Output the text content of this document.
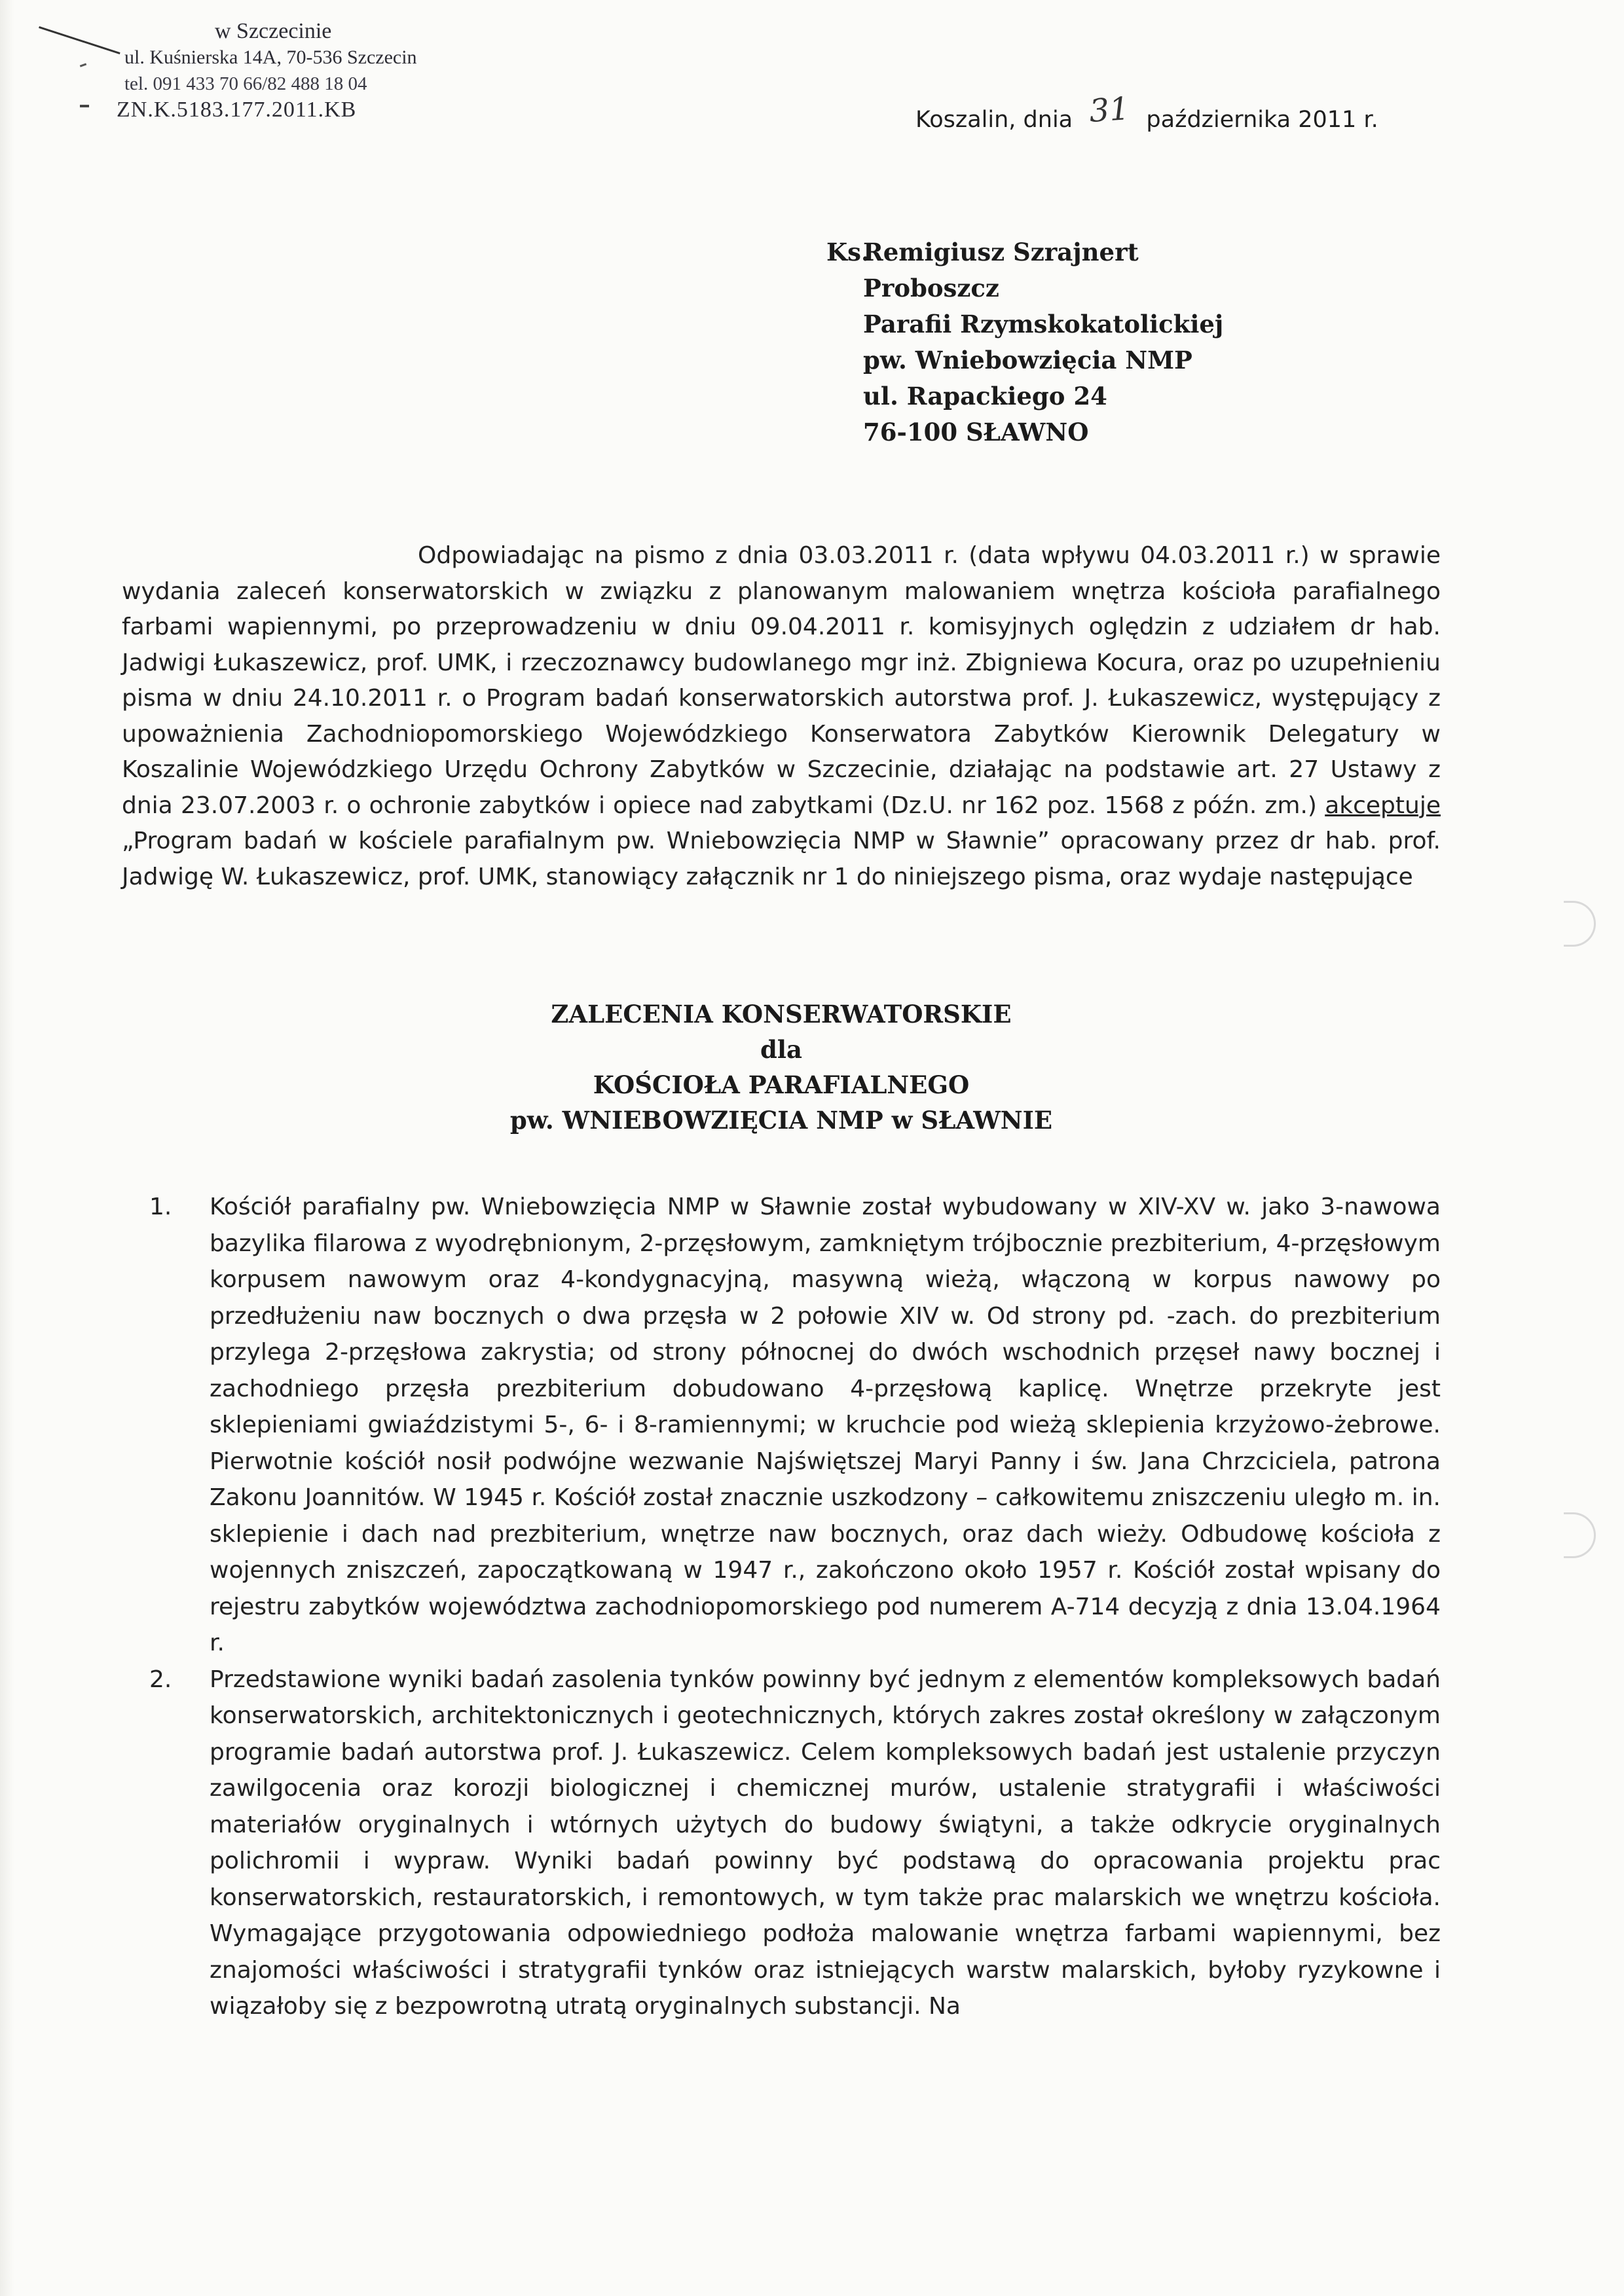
w Szczecinie
ul. Kuśnierska 14A, 70-536 Szczecin
tel. 091 433 70 66/82 488 18 04
ZN.K.5183.177.2011.KB	Koszalin, dnia 31 października 2011 r.
Ks.
Remigiusz Szrajnert
Proboszcz
Parafii Rzymskokatolickiej
pw. Wniebowzięcia NMP
ul. Rapackiego 24
76-100 SŁAWNO
Odpowiadając na pismo z dnia 03.03.2011 r. (data wpływu 04.03.2011 r.) w sprawie wydania zaleceń konserwatorskich w związku z planowanym malowaniem wnętrza kościoła parafialnego farbami wapiennymi, po przeprowadzeniu w dniu 09.04.2011 r. komisyjnych oględzin z udziałem dr hab. Jadwigi Łukaszewicz, prof. UMK, i rzeczoznawcy budowlanego mgr inż. Zbigniewa Kocura, oraz po uzupełnieniu pisma w dniu 24.10.2011 r. o Program badań konserwatorskich autorstwa prof. J. Łukaszewicz, występujący z upoważnienia Zachodniopomorskiego Wojewódzkiego Konserwatora Zabytków Kierownik Delegatury w Koszalinie Wojewódzkiego Urzędu Ochrony Zabytków w Szczecinie, działając na podstawie art. 27 Ustawy z dnia 23.07.2003 r. o ochronie zabytków i opiece nad zabytkami (Dz.U. nr 162 poz. 1568 z późn. zm.) akceptuje „Program badań w kościele parafialnym pw. Wniebowzięcia NMP w Sławnie” opracowany przez dr hab. prof. Jadwigę W. Łukaszewicz, prof. UMK, stanowiący załącznik nr 1 do niniejszego pisma, oraz wydaje następujące
ZALECENIA KONSERWATORSKIE
dla
KOŚCIOŁA PARAFIALNEGO
pw. WNIEBOWZIĘCIA NMP w SŁAWNIE
1. Kościół parafialny pw. Wniebowzięcia NMP w Sławnie został wybudowany w XIV-XV w. jako 3-nawowa bazylika filarowa z wyodrębnionym, 2-przęsłowym, zamkniętym trójbocznie prezbiterium, 4-przęsłowym korpusem nawowym oraz 4-kondygnacyjną, masywną wieżą, włączoną w korpus nawowy po przedłużeniu naw bocznych o dwa przęsła w 2 połowie XIV w. Od strony pd. -zach. do prezbiterium przylega 2-przęsłowa zakrystia; od strony północnej do dwóch wschodnich przęseł nawy bocznej i zachodniego przęsła prezbiterium dobudowano 4-przęsłową kaplicę. Wnętrze przekryte jest sklepieniami gwiaździstymi 5-, 6- i 8-ramiennymi; w kruchcie pod wieżą sklepienia krzyżowo-żebrowe. Pierwotnie kościół nosił podwójne wezwanie Najświętszej Maryi Panny i św. Jana Chrzciciela, patrona Zakonu Joannitów. W 1945 r. Kościół został znacznie uszkodzony – całkowitemu zniszczeniu uległo m. in. sklepienie i dach nad prezbiterium, wnętrze naw bocznych, oraz dach wieży. Odbudowę kościoła z wojennych zniszczeń, zapoczątkowaną w 1947 r., zakończono około 1957 r. Kościół został wpisany do rejestru zabytków województwa zachodniopomorskiego pod numerem A-714 decyzją z dnia 13.04.1964 r.
2. Przedstawione wyniki badań zasolenia tynków powinny być jednym z elementów kompleksowych badań konserwatorskich, architektonicznych i geotechnicznych, których zakres został określony w załączonym programie badań autorstwa prof. J. Łukaszewicz. Celem kompleksowych badań jest ustalenie przyczyn zawilgocenia oraz korozji biologicznej i chemicznej murów, ustalenie stratygrafii i właściwości materiałów oryginalnych i wtórnych użytych do budowy świątyni, a także odkrycie oryginalnych polichromii i wypraw. Wyniki badań powinny być podstawą do opracowania projektu prac konserwatorskich, restauratorskich, i remontowych, w tym także prac malarskich we wnętrzu kościoła. Wymagające przygotowania odpowiedniego podłoża malowanie wnętrza farbami wapiennymi, bez znajomości właściwości i stratygrafii tynków oraz istniejących warstw malarskich, byłoby ryzykowne i wiązałoby się z bezpowrotną utratą oryginalnych substancji. Na
